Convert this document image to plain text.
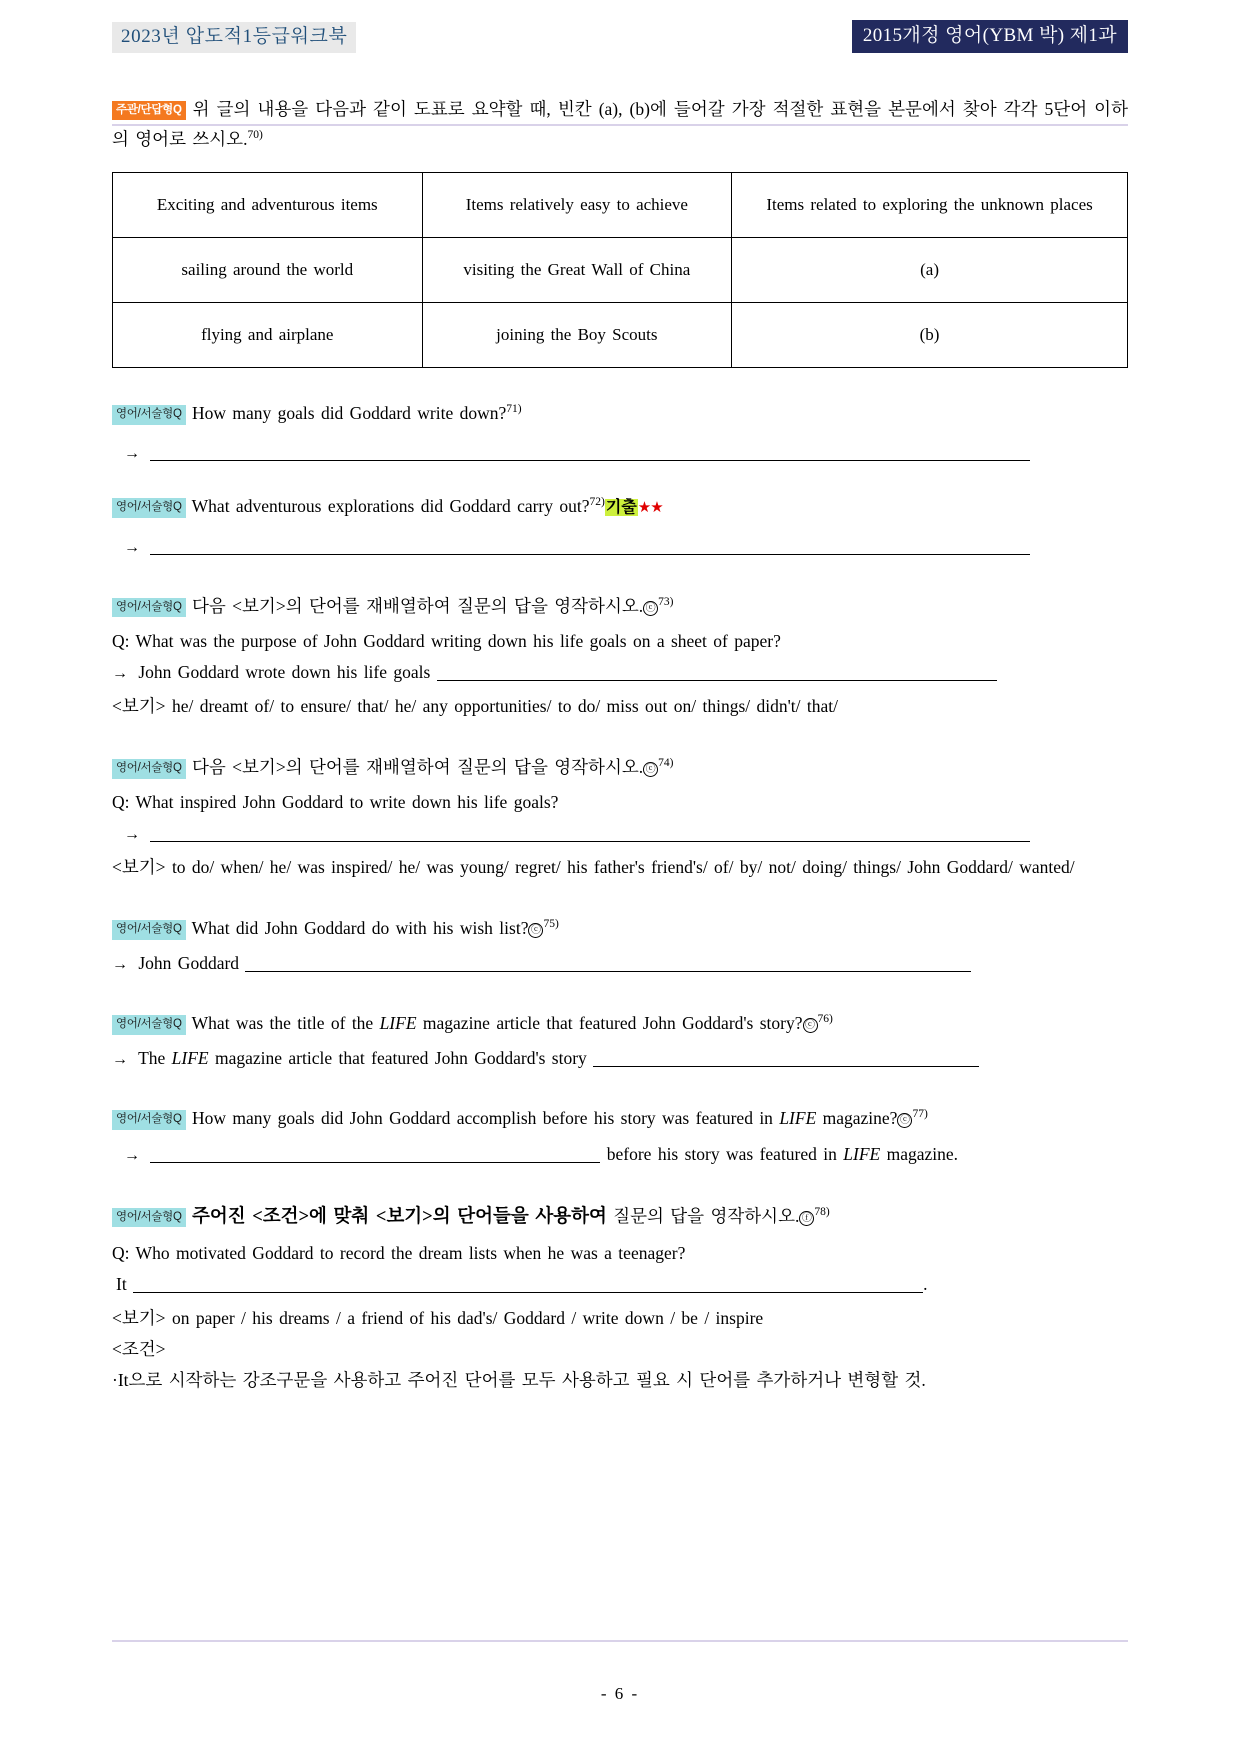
2023년 압도적1등급워크북	2015개정 영어(YBM 박) 제1과
주관/단답형Q 위 글의 내용을 다음과 같이 도표로 요약할 때, 빈칸 (a), (b)에 들어갈 가장 적절한 표현을 본문에서 찾아 각각 5단어 이하의 영어로 쓰시오.$^{70)}$
Exciting and adventurous items	Items relatively easy to achieve	Items related to exploring the unknown places
sailing around the world	visiting the Great Wall of China	(a)
flying and airplane	joining the Boy Scouts	(b)
영어/서술형Q How many goals did Goddard write down?$^{71)}$
→
영어/서술형Q What adventurous explorations did Goddard carry out?$^{72)}$기출★★
→
영어/서술형Q 다음 <보기>의 단어를 재배열하여 질문의 답을 영작하시오. ⓒ$^{73)}$
Q: What was the purpose of John Goddard writing down his life goals on a sheet of paper?
→ John Goddard wrote down his life goals
<보기> he/ dreamt of/ to ensure/ that/ he/ any opportunities/ to do/ miss out on/ things/ didn't/ that/
영어/서술형Q 다음 <보기>의 단어를 재배열하여 질문의 답을 영작하시오. ⓒ$^{74)}$
Q: What inspired John Goddard to write down his life goals?
→
<보기> to do/ when/ he/ was inspired/ he/ was young/ regret/ his father's friend's/ of/ by/ not/ doing/ things/ John Goddard/ wanted/
영어/서술형Q What did John Goddard do with his wish list? ⓒ$^{75)}$
→ John Goddard
영어/서술형Q What was the title of the LIFE magazine article that featured John Goddard's story? ⓒ$^{76)}$
→ The LIFE magazine article that featured John Goddard's story
영어/서술형Q How many goals did John Goddard accomplish before his story was featured in LIFE magazine? ⓒ$^{77)}$
→	before his story was featured in LIFE magazine.
영어/서술형Q 주어진 <조건>에 맞춰 <보기>의 단어들을 사용하여 질문의 답을 영작하시오. ⓕ$^{78)}$
Q: Who motivated Goddard to record the dream lists when he was a teenager?
It	.
<보기> on paper / his dreams / a friend of his dad's/ Goddard / write down / be / inspire
<조건>
·It으로 시작하는 강조구문을 사용하고 주어진 단어를 모두 사용하고 필요 시 단어를 추가하거나 변형할 것.
- 6 -
